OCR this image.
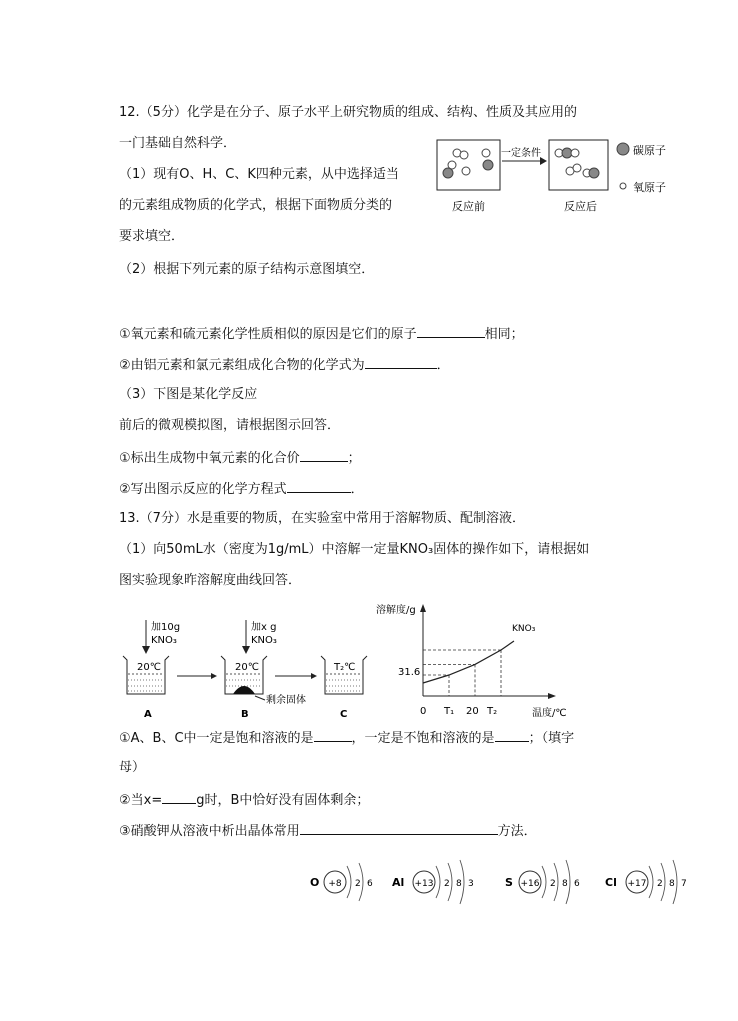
12.（5分）化学是在分子、原子水平上研究物质的组成、结构、性质及其应用的
一门基础自然科学．
（1）现有O、H、C、K四种元素，从中选择适当
的元素组成物质的化学式，根据下面物质分类的
要求填空．
（2）根据下列元素的原子结构示意图填空．
①氧元素和硫元素化学性质相似的原因是它们的原子	相同；
②由铝元素和氯元素组成化合物的化学式为	．
（3）下图是某化学反应
前后的微观模拟图，请根据图示回答．
①标出生成物中氧元素的化合价	；
②写出图示反应的化学方程式	．
一定条件
反应前	反应后
碳原子
氧原子
13.（7分）水是重要的物质，在实验室中常用于溶解物质、配制溶液．
（1）向50mL水（密度为1g/mL）中溶解一定量KNO₃固体的操作如下，请根据如
图实验现象昨溶解度曲线回答．
加10g
KNO₃
20℃
加x g
KNO₃
20℃
剩余固体
T₂℃
A	B	C
溶解度/g
温度/℃
KNO₃
0 T₁ 20 T₂
31.6
①A、B、C中一定是饱和溶液的是	，一定是不饱和溶液的是	；（填字
母）
②当x=	g时，B中恰好没有固体剩余；
③硝酸钾从溶液中析出晶体常用	方法．
O +8 2 6 Al +13 2 8 3	S +16 2 8 6 Cl +17 2 8 7
